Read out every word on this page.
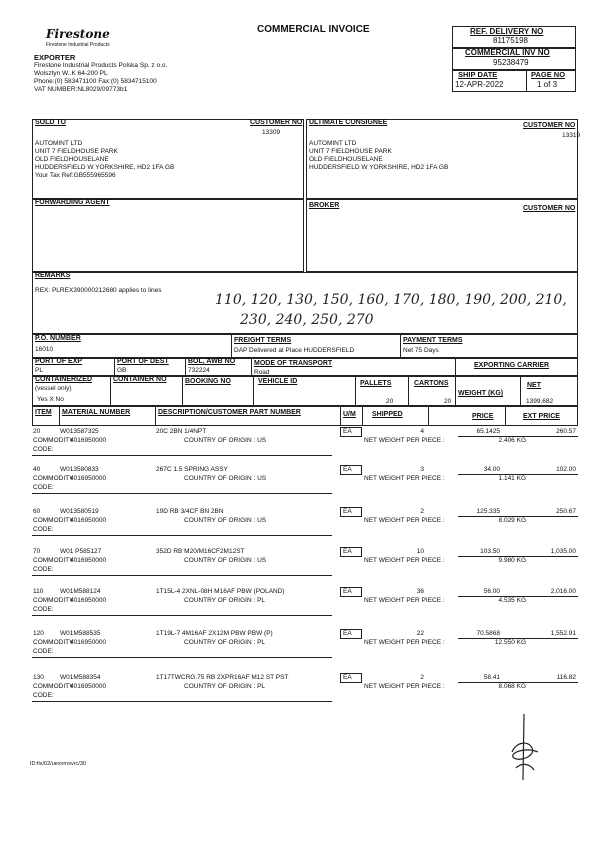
Firestone
Firestone Industrial Products
COMMERCIAL INVOICE	REF. DELIVERY NO
81175198
COMMERCIAL INV NO
95238479
SHIP DATE	PAGE NO
12-APR-2022	1 of 3
EXPORTER
Firestone Industrial Products Polska Sp. z o.o.
Wolsztyn W..K 64-200 PL
Phone:(0) 583471100 Fax:(0) 5834715100
VAT NUMBER:NL8029/09773b1
SOLD TO	CUSTOMER NO
13309
AUTOMINT LTD
UNIT 7 FIELDHOUSE PARK
OLD FIELDHOUSELANE
HUDDERSFIELD W YORKSHIRE, HD2 1FA GB
Your Tax Ref:GB555965596
ULTIMATE CONSIGNEE	CUSTOMER NO
13319
AUTOMINT LTD
UNIT 7 FIELDHOUSE PARK
OLD FIELDHOUSELANE
HUDDERSFIELD W YORKSHIRE, HD2 1FA GB
FORWARDING AGENT	BROKER	CUSTOMER NO
REMARKS
REX: PLREX390000212680 applies to lines
110, 120, 130, 150, 160, 170, 180, 190, 200, 210,
230, 240, 250, 270
P.O. NUMBER
16010
FREIGHT TERMS
DAP Delivered at Place HUDDERSFIELD
PAYMENT TERMS
Net 75 Days
PORT OF EXP
PL
PORT OF DEST
GB
BOL, AWB NO
732224
MODE OF TRANSPORT
Road
EXPORTING CARRIER
CONTAINERIZED
(vessel only)
Yes X No
CONTAINER NO	BOOKING NO	VEHICLE ID	PALLETS
20
CARTONS
20
NET
WEIGHT (KG)
1399.682
ITEM MATERIAL NUMBER	DESCRIPTION/CUSTOMER PART NUMBER	U/M SHIPPED	PRICE	EXT PRICE
20	W013587325	20C 2BN 1/4NPT	EA	4	65.1425	260.57
COMMODITY
4016950000	COUNTRY OF ORIGIN : US	NET WEIGHT PER PIECE :	2.406 KG
CODE:
40	W013580833	267C 1.5 SPRING ASSY	EA	3	34.00	102.00
COMMODITY
4016950000	COUNTRY OF ORIGIN : US	NET WEIGHT PER PIECE :	1.141 KG
CODE:
60	W013580519	19D RB 3/4CF BN 2BN	EA	2	125.335	250.67
COMMODITY
4016950000	COUNTRY OF ORIGIN : US	NET WEIGHT PER PIECE :	8.029 KG
CODE:
70	W01 P585127	352D RB M20/M16CF2M12ST	EA	10	103.50	1,035.00
COMMODITY
4016950000	COUNTRY OF ORIGIN : US	NET WEIGHT PER PIECE :	9.980 KG
CODE:
110	W01M588124	1T15L-4 2XNL-08H M16AF PBW (POLAND)	EA	36	56.00	2,016.00
COMMODITY
4016950000	COUNTRY OF ORIGIN : PL	NET WEIGHT PER PIECE :	4.535 KG
CODE:
120 W01M588535	1T19L-7 4M16AF 2X12M PBW PBW (P)	EA	22	70.5868	1,552.91
COMMODITY
4016950000	COUNTRY OF ORIGIN : PL	NET WEIGHT PER PIECE :	12.550 KG
CODE:
130 W01M588354	1T17TWCRG.75 RB 2XPR16AF M12 ST PST	EA	2	58.41	116.82
COMMODITY
4016950000	COUNTRY OF ORIGIN : PL	NET WEIGHT PER PIECE :	8.068 KG
CODE:
ID:fis/02/uexvrnsvrc/30
